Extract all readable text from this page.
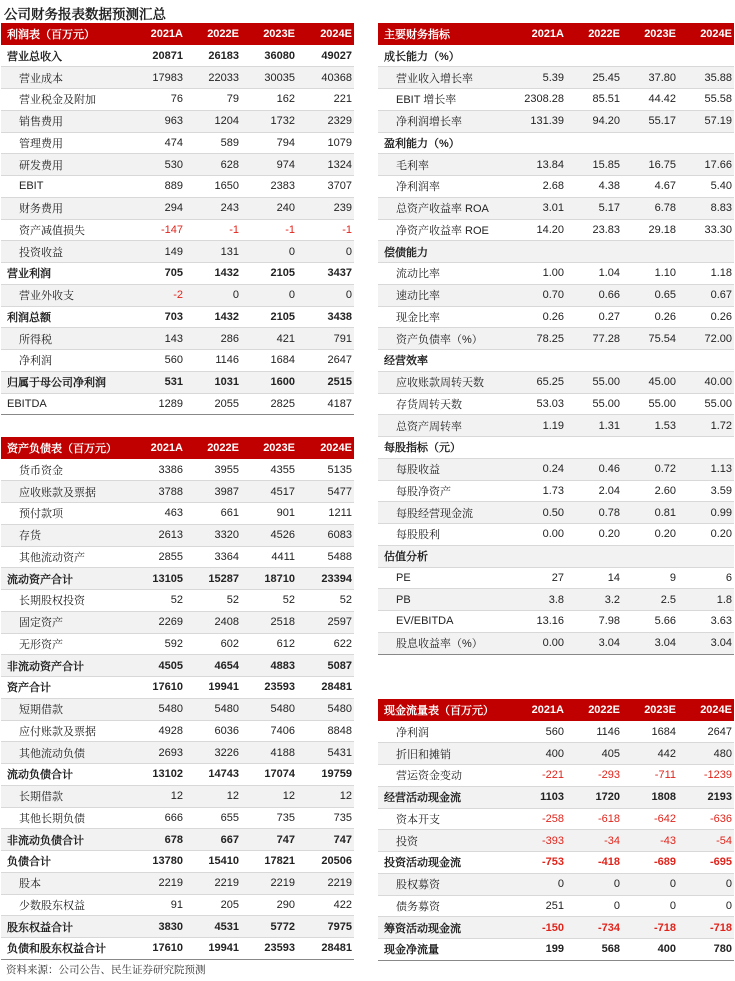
公司财务报表数据预测汇总
利润表（百万元）	2021A	2022E	2023E	2024E
营业总收入	20871	26183	36080	49027
营业成本	17983	22033	30035	40368
营业税金及附加	76	79	162	221
销售费用	963	1204	1732	2329
管理费用	474	589	794	1079
研发费用	530	628	974	1324
EBIT	889	1650	2383	3707
财务费用	294	243	240	239
资产减值损失	-147	-1	-1	-1
投资收益	149	131	0	0
营业利润	705	1432	2105	3437
营业外收支	-2	0	0	0
利润总额	703	1432	2105	3438
所得税	143	286	421	791
净利润	560	1146	1684	2647
归属于母公司净利润	531	1031	1600	2515
EBITDA	1289	2055	2825	4187
资产负债表（百万元）	2021A	2022E	2023E	2024E
货币资金	3386	3955	4355	5135
应收账款及票据	3788	3987	4517	5477
预付款项	463	661	901	1211
存货	2613	3320	4526	6083
其他流动资产	2855	3364	4411	5488
流动资产合计	13105	15287	18710	23394
长期股权投资	52	52	52	52
固定资产	2269	2408	2518	2597
无形资产	592	602	612	622
非流动资产合计	4505	4654	4883	5087
资产合计	17610	19941	23593	28481
短期借款	5480	5480	5480	5480
应付账款及票据	4928	6036	7406	8848
其他流动负债	2693	3226	4188	5431
流动负债合计	13102	14743	17074	19759
长期借款	12	12	12	12
其他长期负债	666	655	735	735
非流动负债合计	678	667	747	747
负债合计	13780	15410	17821	20506
股本	2219	2219	2219	2219
少数股东权益	91	205	290	422
股东权益合计	3830	4531	5772	7975
负债和股东权益合计	17610	19941	23593	28481
主要财务指标	2021A	2022E	2023E	2024E
成长能力（%）				
营业收入增长率	5.39	25.45	37.80	35.88
EBIT 增长率	2308.28	85.51	44.42	55.58
净利润增长率	131.39	94.20	55.17	57.19
盈利能力（%）				
毛利率	13.84	15.85	16.75	17.66
净利润率	2.68	4.38	4.67	5.40
总资产收益率 ROA	3.01	5.17	6.78	8.83
净资产收益率 ROE	14.20	23.83	29.18	33.30
偿债能力				
流动比率	1.00	1.04	1.10	1.18
速动比率	0.70	0.66	0.65	0.67
现金比率	0.26	0.27	0.26	0.26
资产负债率（%）	78.25	77.28	75.54	72.00
经营效率				
应收账款周转天数	65.25	55.00	45.00	40.00
存货周转天数	53.03	55.00	55.00	55.00
总资产周转率	1.19	1.31	1.53	1.72
每股指标（元）				
每股收益	0.24	0.46	0.72	1.13
每股净资产	1.73	2.04	2.60	3.59
每股经营现金流	0.50	0.78	0.81	0.99
每股股利	0.00	0.20	0.20	0.20
估值分析				
PE	27	14	9	6
PB	3.8	3.2	2.5	1.8
EV/EBITDA	13.16	7.98	5.66	3.63
股息收益率（%）	0.00	3.04	3.04	3.04
现金流量表（百万元）	2021A	2022E	2023E	2024E
净利润	560	1146	1684	2647
折旧和摊销	400	405	442	480
营运资金变动	-221	-293	-711	-1239
经营活动现金流	1103	1720	1808	2193
资本开支	-258	-618	-642	-636
投资	-393	-34	-43	-54
投资活动现金流	-753	-418	-689	-695
股权募资	0	0	0	0
债务募资	251	0	0	0
筹资活动现金流	-150	-734	-718	-718
现金净流量	199	568	400	780
资料来源：公司公告、民生证券研究院预测
